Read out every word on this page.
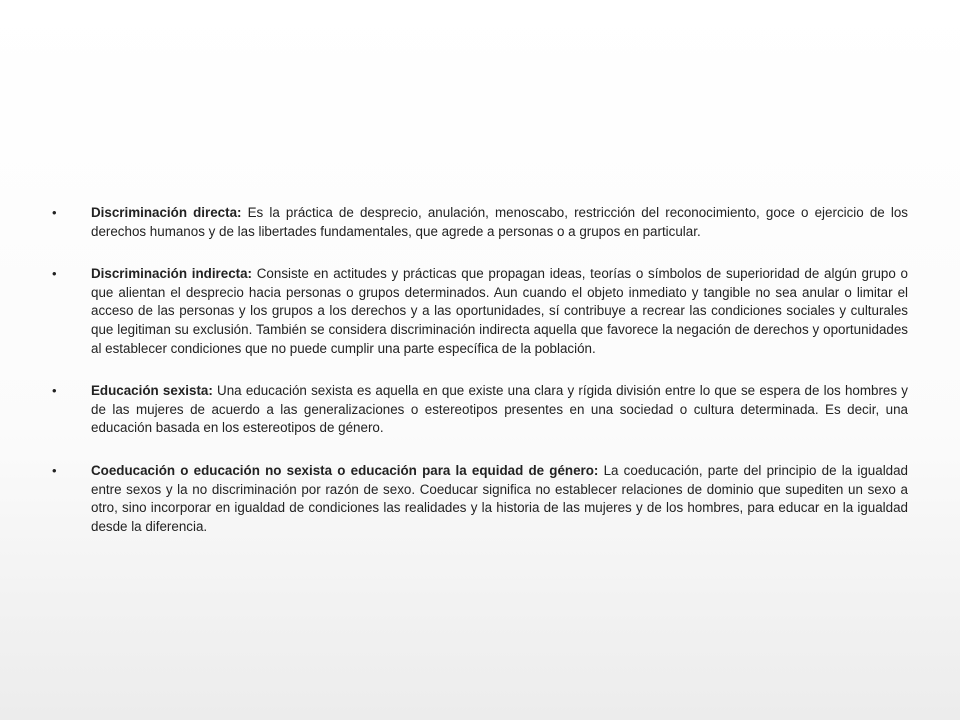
•	Discriminación directa: Es la práctica de desprecio, anulación, menoscabo, restricción del reconocimiento, goce o ejercicio de los derechos humanos y de las libertades fundamentales, que agrede a personas o a grupos en particular.
•	Discriminación indirecta: Consiste en actitudes y prácticas que propagan ideas, teorías o símbolos de superioridad de algún grupo o que alientan el desprecio hacia personas o grupos determinados. Aun cuando el objeto inmediato y tangible no sea anular o limitar el acceso de las personas y los grupos a los derechos y a las oportunidades, sí contribuye a recrear las condiciones sociales y culturales que legitiman su exclusión. También se considera discriminación indirecta aquella que favorece la negación de derechos y oportunidades al establecer condiciones que no puede cumplir una parte específica de la población.
•	Educación sexista: Una educación sexista es aquella en que existe una clara y rígida división entre lo que se espera de los hombres y de las mujeres de acuerdo a las generalizaciones o estereotipos presentes en una sociedad o cultura determinada. Es decir, una educación basada en los estereotipos de género.
•	Coeducación o educación no sexista o educación para la equidad de género: La coeducación, parte del principio de la igualdad entre sexos y la no discriminación por razón de sexo. Coeducar significa no establecer relaciones de dominio que supediten un sexo a otro, sino incorporar en igualdad de condiciones las realidades y la historia de las mujeres y de los hombres, para educar en la igualdad desde la diferencia.
